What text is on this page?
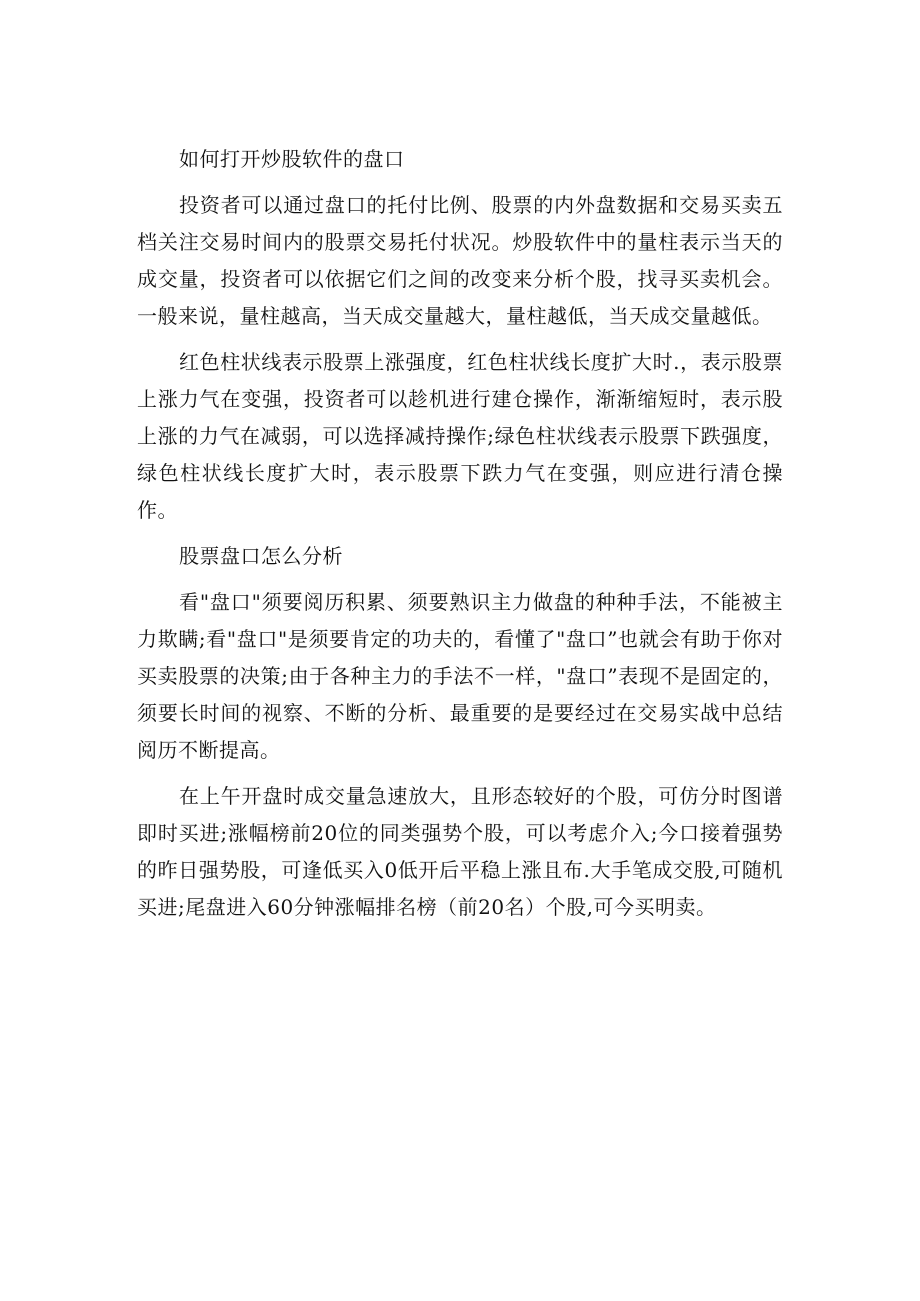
如何打开炒股软件的盘口

投资者可以通过盘口的托付比例、股票的内外盘数据和交易买卖五档关注交易时间内的股票交易托付状况。炒股软件中的量柱表示当天的成交量，投资者可以依据它们之间的改变来分析个股，找寻买卖机会。一般来说，量柱越高，当天成交量越大，量柱越低，当天成交量越低。

红色柱状线表示股票上涨强度，红色柱状线长度扩大时.，表示股票上涨力气在变强，投资者可以趁机进行建仓操作，渐渐缩短时，表示股上涨的力气在减弱，可以选择减持操作;绿色柱状线表示股票下跌强度，绿色柱状线长度扩大时，表示股票下跌力气在变强，则应进行清仓操作。

股票盘口怎么分析

看"盘口"须要阅历积累、须要熟识主力做盘的种种手法，不能被主力欺瞒;看"盘口"是须要肯定的功夫的，看懂了"盘口”也就会有助于你对买卖股票的决策;由于各种主力的手法不一样，"盘口”表现不是固定的，须要长时间的视察、不断的分析、最重要的是要经过在交易实战中总结阅历不断提高。

在上午开盘时成交量急速放大，且形态较好的个股，可仿分时图谱即时买进;涨幅榜前20位的同类强势个股，可以考虑介入;今口接着强势的昨日强势股，可逢低买入0低开后平稳上涨且布.大手笔成交股,可随机买进;尾盘进入60分钟涨幅排名榜（前20名）个股,可今买明卖。
